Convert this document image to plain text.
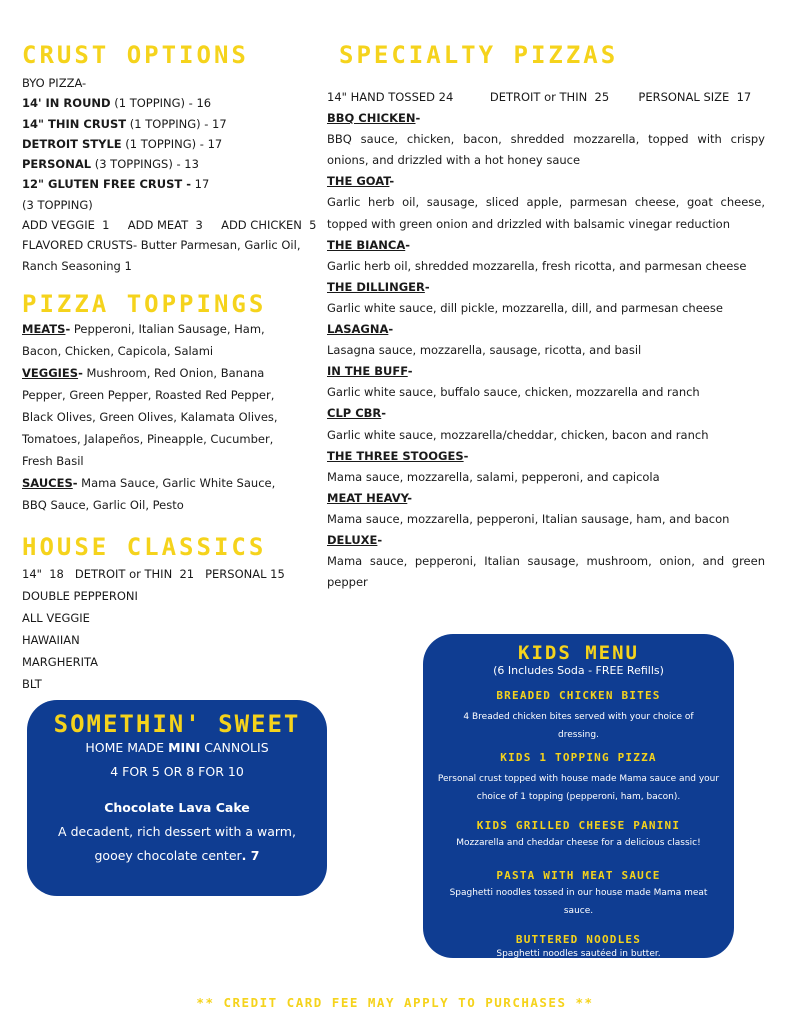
CRUST OPTIONS
BYO PIZZA-
14' IN ROUND (1 TOPPING) - 16
14" THIN CRUST (1 TOPPING) - 17
DETROIT STYLE (1 TOPPING) - 17
PERSONAL (3 TOPPINGS) - 13
12" GLUTEN FREE CRUST - 17
(3 TOPPING)
ADD VEGGIE  1     ADD MEAT  3     ADD CHICKEN  5
FLAVORED CRUSTS- Butter Parmesan, Garlic Oil, Ranch Seasoning 1
PIZZA TOPPINGS
MEATS- Pepperoni, Italian Sausage, Ham, Bacon, Chicken, Capicola, Salami
VEGGIES- Mushroom, Red Onion, Banana Pepper, Green Pepper, Roasted Red Pepper, Black Olives, Green Olives, Kalamata Olives, Tomatoes, Jalapeños, Pineapple, Cucumber, Fresh Basil
SAUCES- Mama Sauce, Garlic White Sauce, BBQ Sauce, Garlic Oil, Pesto
HOUSE CLASSICS
14"  18   DETROIT or THIN  21   PERSONAL 15
DOUBLE PEPPERONI
ALL VEGGIE
HAWAIIAN
MARGHERITA
BLT
SPECIALTY PIZZAS
14" HAND TOSSED 24          DETROIT or THIN  25        PERSONAL SIZE  17
BBQ CHICKEN-
BBQ sauce, chicken, bacon, shredded mozzarella, topped with crispy onions, and drizzled with a hot honey sauce
THE GOAT-
Garlic herb oil, sausage, sliced apple, parmesan cheese, goat cheese, topped with green onion and drizzled with balsamic vinegar reduction
THE BIANCA-
Garlic herb oil, shredded mozzarella, fresh ricotta, and parmesan cheese
THE DILLINGER-
Garlic white sauce, dill pickle, mozzarella, dill, and parmesan cheese
LASAGNA-
Lasagna sauce, mozzarella, sausage, ricotta, and basil
IN THE BUFF-
Garlic white sauce, buffalo sauce, chicken, mozzarella and ranch
CLP CBR-
Garlic white sauce, mozzarella/cheddar, chicken, bacon and ranch
THE THREE STOOGES-
Mama sauce, mozzarella, salami, pepperoni, and capicola
MEAT HEAVY-
Mama sauce, mozzarella, pepperoni, Italian sausage, ham, and bacon
DELUXE-
Mama sauce, pepperoni, Italian sausage, mushroom, onion, and green pepper
SOMETHIN' SWEET
HOME MADE MINI CANNOLIS
4 FOR 5 OR 8 FOR 10
Chocolate Lava Cake
A decadent, rich dessert with a warm,
gooey chocolate center. 7
KIDS MENU
(6 Includes Soda - FREE Refills)
BREADED CHICKEN BITES
4 Breaded chicken bites served with your choice of dressing.
KIDS 1 TOPPING PIZZA
Personal crust topped with house made Mama sauce and your choice of 1 topping (pepperoni, ham, bacon).
KIDS GRILLED CHEESE PANINI
Mozzarella and cheddar cheese for a delicious classic!
PASTA WITH MEAT SAUCE
Spaghetti noodles tossed in our house made Mama meat sauce.
BUTTERED NOODLES
Spaghetti noodles sautéed in butter.
** CREDIT CARD FEE MAY APPLY TO PURCHASES **
